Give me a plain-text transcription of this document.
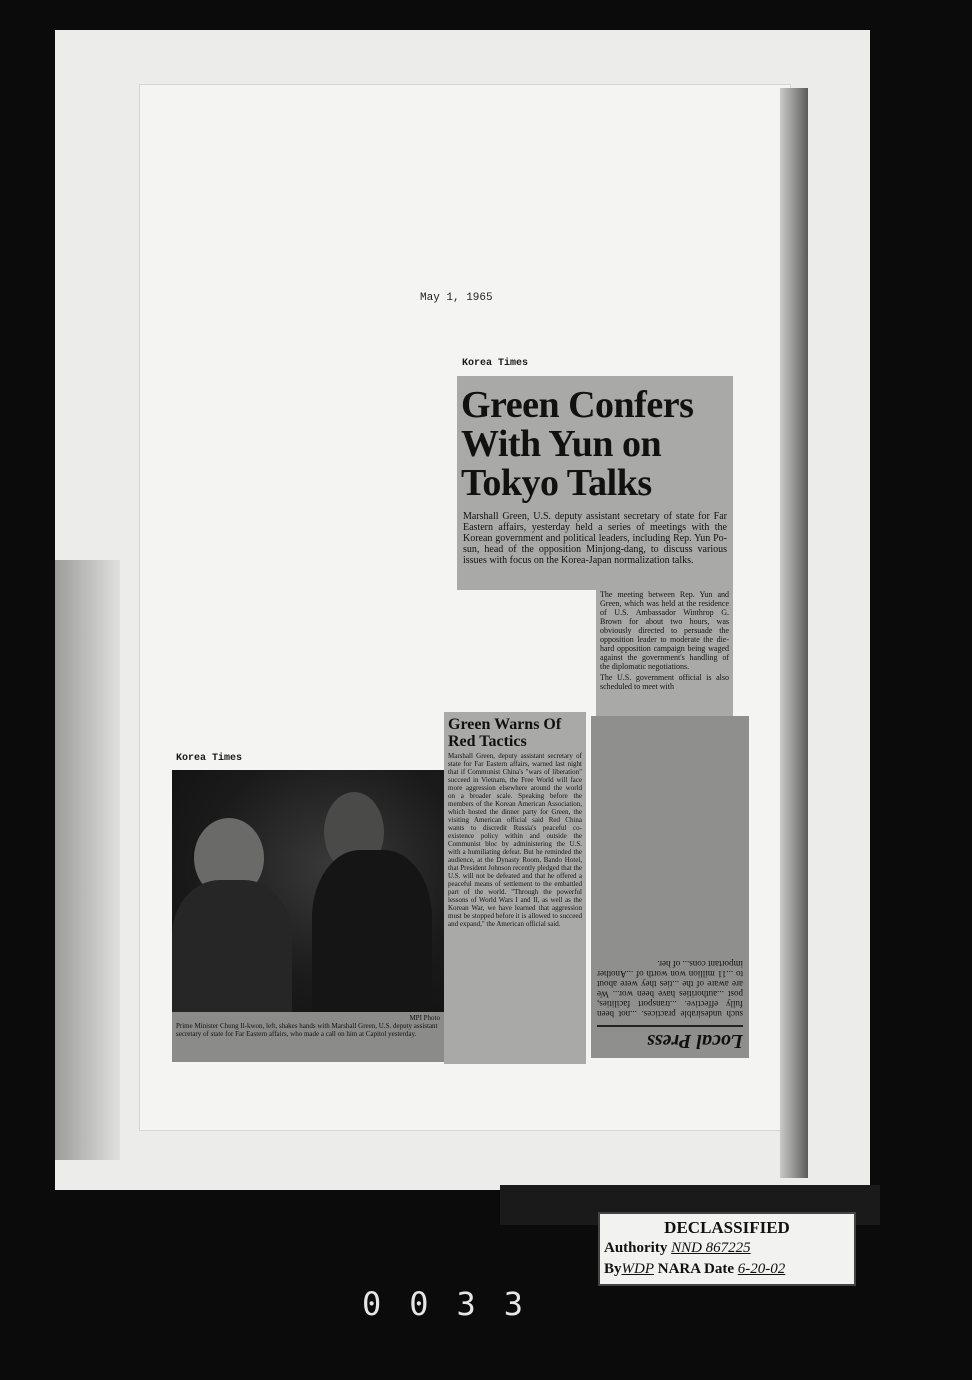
May 1, 1965
Korea Times
Korea Times
Green Confers With Yun on Tokyo Talks
Marshall Green, U.S. deputy assistant secretary of state for Far Eastern affairs, yesterday held a series of meetings with the Korean government and political leaders, including Rep. Yun Po-sun, head of the opposition Minjong-dang, to discuss various issues with focus on the Korea-Japan normalization talks.
The meeting between Rep. Yun and Green, which was held at the residence of U.S. Ambassador Winthrop G. Brown for about two hours, was obviously directed to persuade the opposition leader to moderate the die-hard opposition campaign being waged against the government's handling of the diplomatic negotiations.
The U.S. government official is also scheduled to meet with
Green Warns Of Red Tactics
Marshall Green, deputy assistant secretary of state for Far Eastern affairs, warned last night that if Communist China's "wars of liberation" succeed in Vietnam, the Free World will face more aggression elsewhere around the world on a broader scale. Speaking before the members of the Korean American Association, which hosted the dinner party for Green, the visiting American official said Red China wants to discredit Russia's peaceful co-existence policy within and outside the Communist bloc by administering the U.S. with a humiliating defeat. But he reminded the audience, at the Dynasty Room, Bando Hotel, that President Johnson recently pledged that the U.S. will not be defeated and that he offered a peaceful means of settlement to the embattled part of the world. "Through the powerful lessons of World Wars I and II, as well as the Korean War, we have learned that aggression must be stopped before it is allowed to succeed and expand," the American official said.
Local Press
such undesirable practices. ...not been fully effective. ...transport facilities, post ...authorities have been wor... We are aware of the ...ties they were about to ...11 million won worth of ...Another important cons... of her.
MPI Photo
Prime Minister Chung Il-kwon, left, shakes hands with Marshall Green, U.S. deputy assistant secretary of state for Far Eastern affairs, who made a call on him at Capitol yesterday.
DECLASSIFIED
Authority NND 867225
ByWDP NARA Date 6-20-02
0033
